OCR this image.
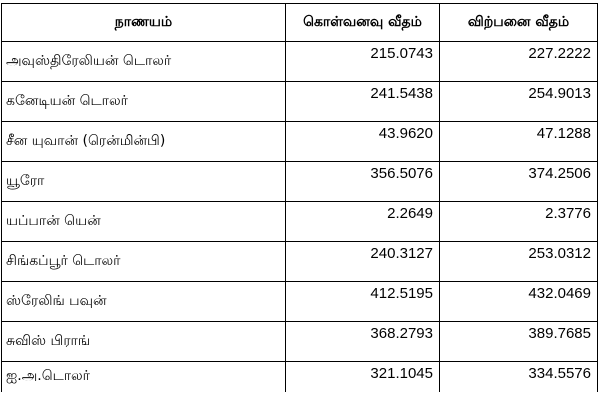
நாணயம்	கொள்வனவு வீதம்	விற்பனை வீதம்
அவுஸ்திரேலியன் டொலர்	215.0743	227.2222
கனேடியன் டொலர்	241.5438	254.9013
சீன யுவான் (ரென்மின்பி)	43.9620	47.1288
யூரோ	356.5076	374.2506
யப்பான் யென்	2.2649	2.3776
சிங்கப்பூர் டொலர்	240.3127	253.0312
ஸ்ரேலிங் பவுன்	412.5195	432.0469
சுவிஸ் பிராங்	368.2793	389.7685
ஐ.அ.டொலர்	321.1045	334.5576
